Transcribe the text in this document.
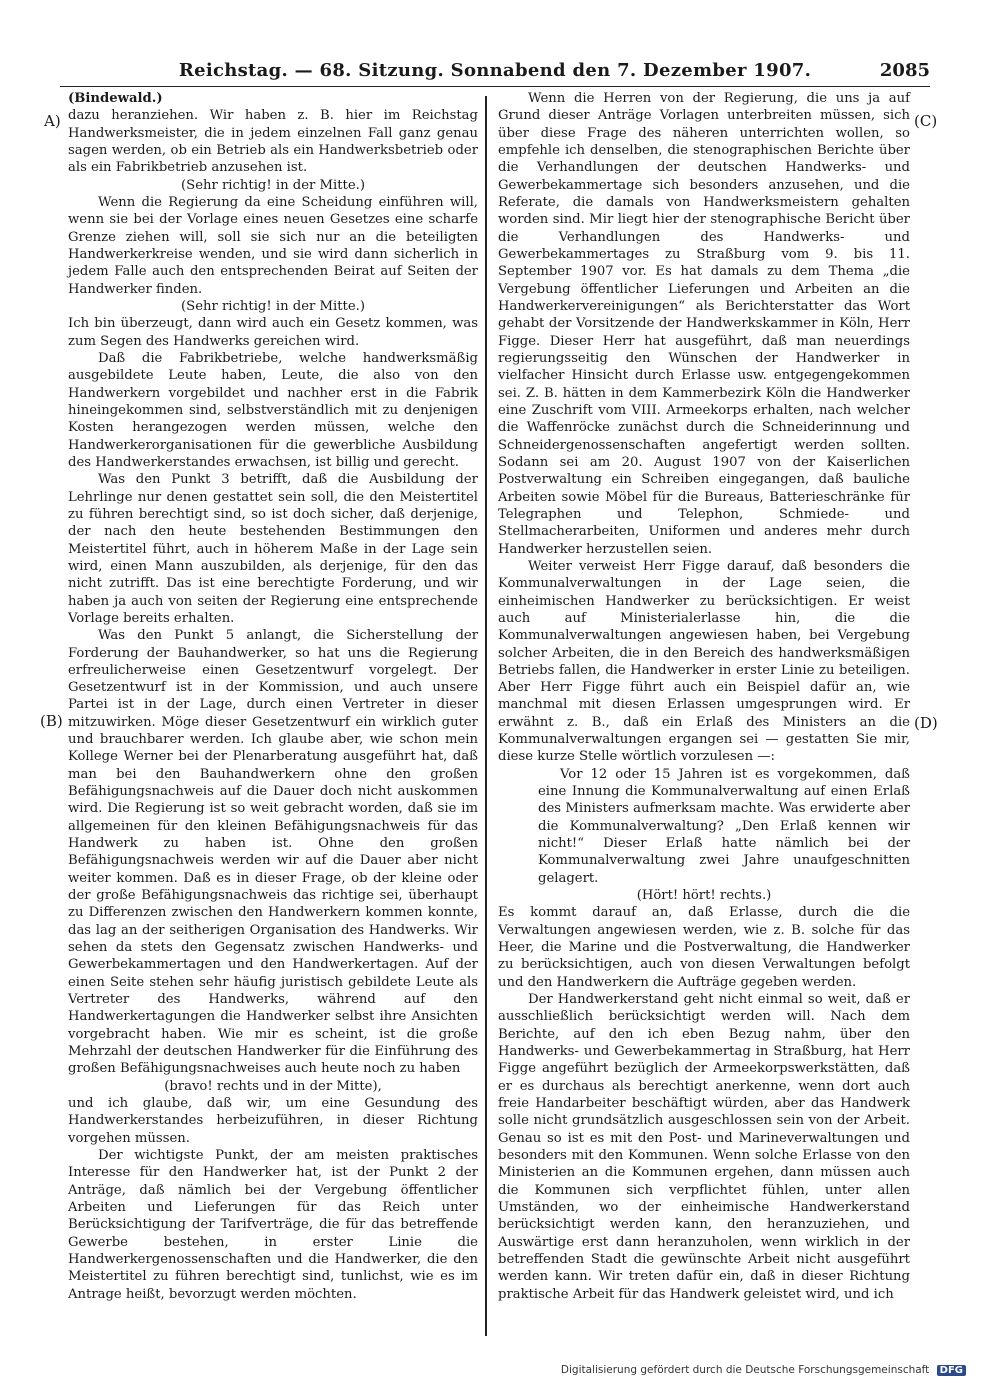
Reichstag. — 68. Sitzung. Sonnabend den 7. Dezember 1907.	2085
A)
(B)
(C)
(D)

(Bindewald.)

dazu heranziehen. Wir haben z. B. hier im Reichstag Handwerksmeister, die in jedem einzelnen Fall ganz genau sagen werden, ob ein Betrieb als ein Handwerksbetrieb oder als ein Fabrikbetrieb anzusehen ist.

(Sehr richtig! in der Mitte.)

Wenn die Regierung da eine Scheidung einführen will, wenn sie bei der Vorlage eines neuen Gesetzes eine scharfe Grenze ziehen will, soll sie sich nur an die beteiligten Handwerkerkreise wenden, und sie wird dann sicherlich in jedem Falle auch den entsprechenden Beirat auf Seiten der Handwerker finden.

(Sehr richtig! in der Mitte.)

Ich bin überzeugt, dann wird auch ein Gesetz kommen, was zum Segen des Handwerks gereichen wird.

Daß die Fabrikbetriebe, welche handwerksmäßig ausgebildete Leute haben, Leute, die also von den Handwerkern vorgebildet und nachher erst in die Fabrik hineingekommen sind, selbstverständlich mit zu denjenigen Kosten herangezogen werden müssen, welche den Handwerkerorganisationen für die gewerbliche Ausbildung des Handwerkerstandes erwachsen, ist billig und gerecht.

Was den Punkt 3 betrifft, daß die Ausbildung der Lehrlinge nur denen gestattet sein soll, die den Meistertitel zu führen berechtigt sind, so ist doch sicher, daß derjenige, der nach den heute bestehenden Bestimmungen den Meistertitel führt, auch in höherem Maße in der Lage sein wird, einen Mann auszubilden, als derjenige, für den das nicht zutrifft. Das ist eine berechtigte Forderung, und wir haben ja auch von seiten der Regierung eine entsprechende Vorlage bereits erhalten.

Was den Punkt 5 anlangt, die Sicherstellung der Forderung der Bauhandwerker, so hat uns die Regierung erfreulicherweise einen Gesetzentwurf vorgelegt. Der Gesetzentwurf ist in der Kommission, und auch unsere Partei ist in der Lage, durch einen Vertreter in dieser mitzuwirken. Möge dieser Gesetzentwurf ein wirklich guter und brauchbarer werden. Ich glaube aber, wie schon mein Kollege Werner bei der Plenarberatung ausgeführt hat, daß man bei den Bauhandwerkern ohne den großen Befähigungsnachweis auf die Dauer doch nicht auskommen wird. Die Regierung ist so weit gebracht worden, daß sie im allgemeinen für den kleinen Befähigungsnachweis für das Handwerk zu haben ist. Ohne den großen Befähigungsnachweis werden wir auf die Dauer aber nicht weiter kommen. Daß es in dieser Frage, ob der kleine oder der große Befähigungsnachweis das richtige sei, überhaupt zu Differenzen zwischen den Handwerkern kommen konnte, das lag an der seitherigen Organisation des Handwerks. Wir sehen da stets den Gegensatz zwischen Handwerks- und Gewerbekammertagen und den Handwerkertagen. Auf der einen Seite stehen sehr häufig juristisch gebildete Leute als Vertreter des Handwerks, während auf den Handwerkertagungen die Handwerker selbst ihre Ansichten vorgebracht haben. Wie mir es scheint, ist die große Mehrzahl der deutschen Handwerker für die Einführung des großen Befähigungsnachweises auch heute noch zu haben

(bravo! rechts und in der Mitte),

und ich glaube, daß wir, um eine Gesundung des Handwerkerstandes herbeizuführen, in dieser Richtung vorgehen müssen.

Der wichtigste Punkt, der am meisten praktisches Interesse für den Handwerker hat, ist der Punkt 2 der Anträge, daß nämlich bei der Vergebung öffentlicher Arbeiten und Lieferungen für das Reich unter Berücksichtigung der Tarifverträge, die für das betreffende Gewerbe bestehen, in erster Linie die Handwerkergenossenschaften und die Handwerker, die den Meistertitel zu führen berechtigt sind, tunlichst, wie es im Antrage heißt, bevorzugt werden möchten.

Wenn die Herren von der Regierung, die uns ja auf Grund dieser Anträge Vorlagen unterbreiten müssen, sich über diese Frage des näheren unterrichten wollen, so empfehle ich denselben, die stenographischen Berichte über die Verhandlungen der deutschen Handwerks- und Gewerbekammertage sich besonders anzusehen, und die Referate, die damals von Handwerksmeistern gehalten worden sind. Mir liegt hier der stenographische Bericht über die Verhandlungen des Handwerks- und Gewerbekammertages zu Straßburg vom 9. bis 11. September 1907 vor. Es hat damals zu dem Thema „die Vergebung öffentlicher Lieferungen und Arbeiten an die Handwerkervereinigungen“ als Berichterstatter das Wort gehabt der Vorsitzende der Handwerkskammer in Köln, Herr Figge. Dieser Herr hat ausgeführt, daß man neuerdings regierungsseitig den Wünschen der Handwerker in vielfacher Hinsicht durch Erlasse usw. entgegengekommen sei. Z. B. hätten in dem Kammerbezirk Köln die Handwerker eine Zuschrift vom VIII. Armeekorps erhalten, nach welcher die Waffenröcke zunächst durch die Schneiderinnung und Schneidergenossenschaften angefertigt werden sollten. Sodann sei am 20. August 1907 von der Kaiserlichen Postverwaltung ein Schreiben eingegangen, daß bauliche Arbeiten sowie Möbel für die Bureaus, Batterieschränke für Telegraphen und Telephon, Schmiede- und Stellmacherarbeiten, Uniformen und anderes mehr durch Handwerker herzustellen seien.

Weiter verweist Herr Figge darauf, daß besonders die Kommunalverwaltungen in der Lage seien, die einheimischen Handwerker zu berücksichtigen. Er weist auch auf Ministerialerlasse hin, die die Kommunalverwaltungen angewiesen haben, bei Vergebung solcher Arbeiten, die in den Bereich des handwerksmäßigen Betriebs fallen, die Handwerker in erster Linie zu beteiligen. Aber Herr Figge führt auch ein Beispiel dafür an, wie manchmal mit diesen Erlassen umgesprungen wird. Er erwähnt z. B., daß ein Erlaß des Ministers an die Kommunalverwaltungen ergangen sei — gestatten Sie mir, diese kurze Stelle wörtlich vorzulesen —:

Vor 12 oder 15 Jahren ist es vorgekommen, daß eine Innung die Kommunalverwaltung auf einen Erlaß des Ministers aufmerksam machte. Was erwiderte aber die Kommunalverwaltung? „Den Erlaß kennen wir nicht!“ Dieser Erlaß hatte nämlich bei der Kommunalverwaltung zwei Jahre unaufgeschnitten gelagert.

(Hört! hört! rechts.)

Es kommt darauf an, daß Erlasse, durch die die Verwaltungen angewiesen werden, wie z. B. solche für das Heer, die Marine und die Postverwaltung, die Handwerker zu berücksichtigen, auch von diesen Verwaltungen befolgt und den Handwerkern die Aufträge gegeben werden.

Der Handwerkerstand geht nicht einmal so weit, daß er ausschließlich berücksichtigt werden will. Nach dem Berichte, auf den ich eben Bezug nahm, über den Handwerks- und Gewerbekammertag in Straßburg, hat Herr Figge angeführt bezüglich der Armeekorpswerkstätten, daß er es durchaus als berechtigt anerkenne, wenn dort auch freie Handarbeiter beschäftigt würden, aber das Handwerk solle nicht grundsätzlich ausgeschlossen sein von der Arbeit. Genau so ist es mit den Post- und Marineverwaltungen und besonders mit den Kommunen. Wenn solche Erlasse von den Ministerien an die Kommunen ergehen, dann müssen auch die Kommunen sich verpflichtet fühlen, unter allen Umständen, wo der einheimische Handwerkerstand berücksichtigt werden kann, den heranzuziehen, und Auswärtige erst dann heranzuholen, wenn wirklich in der betreffenden Stadt die gewünschte Arbeit nicht ausgeführt werden kann. Wir treten dafür ein, daß in dieser Richtung praktische Arbeit für das Handwerk geleistet wird, und ich

Digitalisierung gefördert durch die Deutsche Forschungsgemeinschaft DFG
